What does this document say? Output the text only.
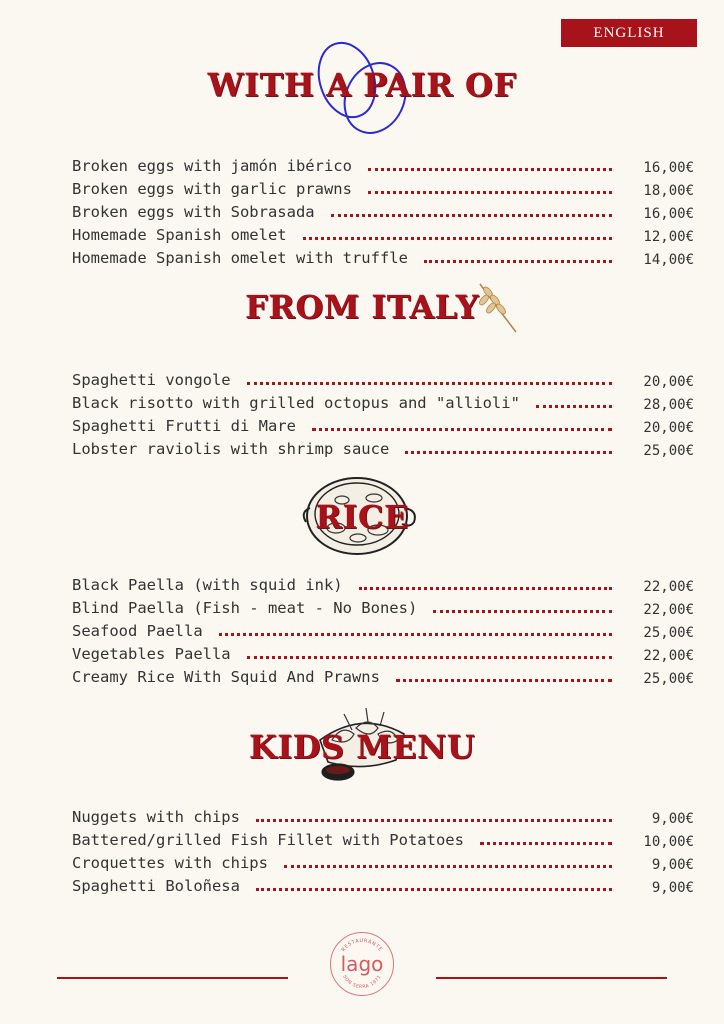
ENGLISH
WITH A PAIR OF
Broken eggs with jamón ibérico	16,00€
Broken eggs with garlic prawns	18,00€
Broken eggs with Sobrasada	16,00€
Homemade Spanish omelet	12,00€
Homemade Spanish omelet with truffle	14,00€
FROM ITALY
Spaghetti vongole	20,00€
Black risotto with grilled octopus and "allioli"	28,00€
Spaghetti Frutti di Mare	20,00€
Lobster raviolis with shrimp sauce	25,00€
RICE
Black Paella (with squid ink)	22,00€
Blind Paella (Fish - meat - No Bones)	22,00€
Seafood Paella	25,00€
Vegetables Paella	22,00€
Creamy Rice With Squid And Prawns	25,00€
KIDS MENU
Nuggets with chips	9,00€
Battered/grilled Fish Fillet with Potatoes	10,00€
Croquettes with chips	9,00€
Spaghetti Boloñesa	9,00€
RESTAURANTE
SON SERRA 1971
lago
